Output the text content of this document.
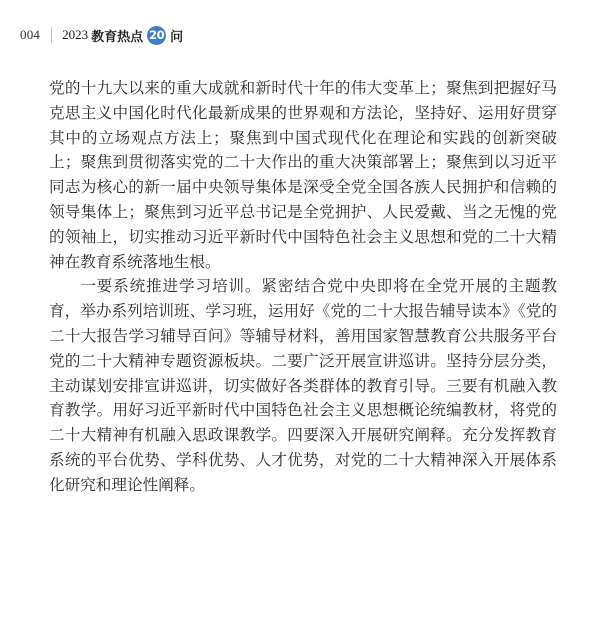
004 2023 教育热点 20 问

党的十九大以来的重大成就和新时代十年的伟大变革上；聚焦到把握好马克思主义中国化时代化最新成果的世界观和方法论，坚持好、运用好贯穿其中的立场观点方法上；聚焦到中国式现代化在理论和实践的创新突破上；聚焦到贯彻落实党的二十大作出的重大决策部署上；聚焦到以习近平同志为核心的新一届中央领导集体是深受全党全国各族人民拥护和信赖的领导集体上；聚焦到习近平总书记是全党拥护、人民爱戴、当之无愧的党的领袖上，切实推动习近平新时代中国特色社会主义思想和党的二十大精神在教育系统落地生根。

一要系统推进学习培训。紧密结合党中央即将在全党开展的主题教育，举办系列培训班、学习班，运用好《党的二十大报告辅导读本》《党的二十大报告学习辅导百问》等辅导材料，善用国家智慧教育公共服务平台党的二十大精神专题资源板块。二要广泛开展宣讲巡讲。坚持分层分类，主动谋划安排宣讲巡讲，切实做好各类群体的教育引导。三要有机融入教育教学。用好习近平新时代中国特色社会主义思想概论统编教材，将党的二十大精神有机融入思政课教学。四要深入开展研究阐释。充分发挥教育系统的平台优势、学科优势、人才优势，对党的二十大精神深入开展体系化研究和理论性阐释。
